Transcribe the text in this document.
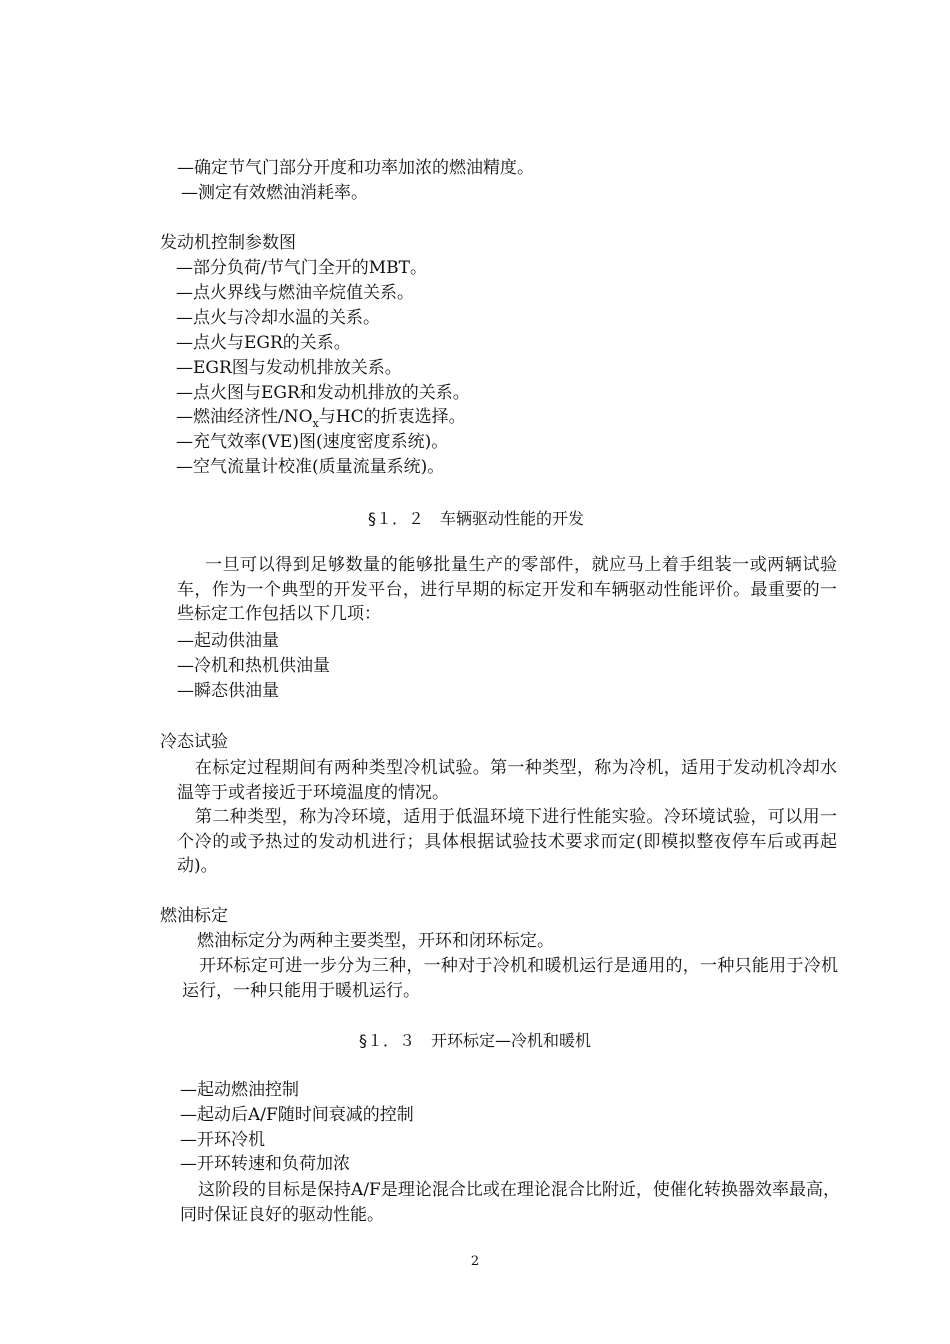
—确定节气门部分开度和功率加浓的燃油精度。
—测定有效燃油消耗率。
发动机控制参数图
—部分负荷/节气门全开的MBT。
—点火界线与燃油辛烷值关系。
—点火与冷却水温的关系。
—点火与EGR的关系。
—EGR图与发动机排放关系。
—点火图与EGR和发动机排放的关系。
—燃油经济性$/NO_x$与HC的折衷选择。
—充气效率(VE)图(速度密度系统)。
—空气流量计校准(质量流量系统)。
§１．２　车辆驱动性能的开发
一旦可以得到足够数量的能够批量生产的零部件，就应马上着手组装一或两辆试验车，作为一个典型的开发平台，进行早期的标定开发和车辆驱动性能评价。最重要的一些标定工作包括以下几项：
—起动供油量
—冷机和热机供油量
—瞬态供油量
冷态试验
在标定过程期间有两种类型冷机试验。第一种类型，称为冷机，适用于发动机冷却水温等于或者接近于环境温度的情况。
第二种类型，称为冷环境，适用于低温环境下进行性能实验。冷环境试验，可以用一个冷的或予热过的发动机进行；具体根据试验技术要求而定(即模拟整夜停车后或再起动)。
燃油标定
燃油标定分为两种主要类型，开环和闭环标定。
开环标定可进一步分为三种，一种对于冷机和暖机运行是通用的，一种只能用于冷机运行，一种只能用于暖机运行。
§１．３　开环标定—冷机和暖机
—起动燃油控制
—起动后A/F随时间衰减的控制
—开环冷机
—开环转速和负荷加浓
这阶段的目标是保持A/F是理论混合比或在理论混合比附近，使催化转换器效率最高，同时保证良好的驱动性能。
2
